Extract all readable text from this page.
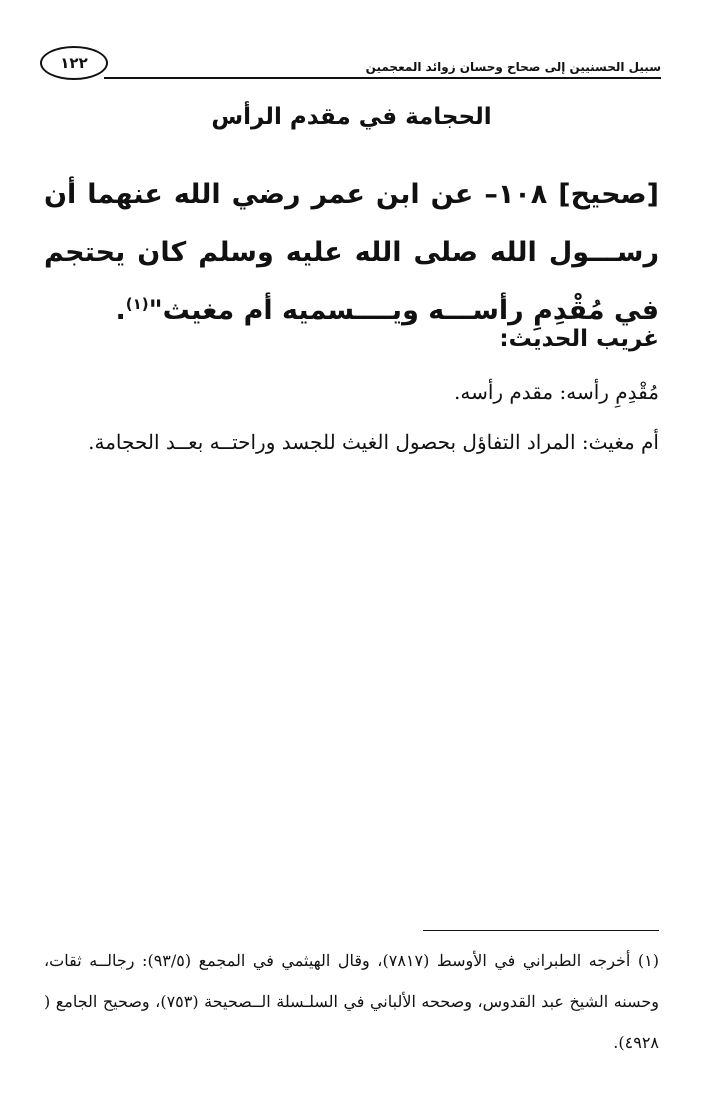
١٢٢	سبيل الحسنيين إلى صحاح وحسان زوائد المعجمين
الحجامة في مقدم الرأس
[صحيح] ١٠٨– عن ابن عمر رضي الله عنهما أن رســـول الله صلى الله عليه وسلم كان يحتجم في مُقْدِمِ رأســـه ويــــسميه أم مغيث"$^{(١)}$.
غريب الحديث:
مُقْدِمِ رأسه: مقدم رأسه.
أم مغيث: المراد التفاؤل بحصول الغيث للجسد وراحتــه بعــد الحجامة.
(١) أخرجه الطبراني في الأوسط (٧٨١٧)، وقال الهيثمي في المجمع (٩٣/٥): رجالــه ثقات، وحسنه الشيخ عبد القدوس، وصححه الألباني في السلـسلة الــصحيحة (٧٥٣)، وصحيح الجامع ( ٤٩٢٨).
